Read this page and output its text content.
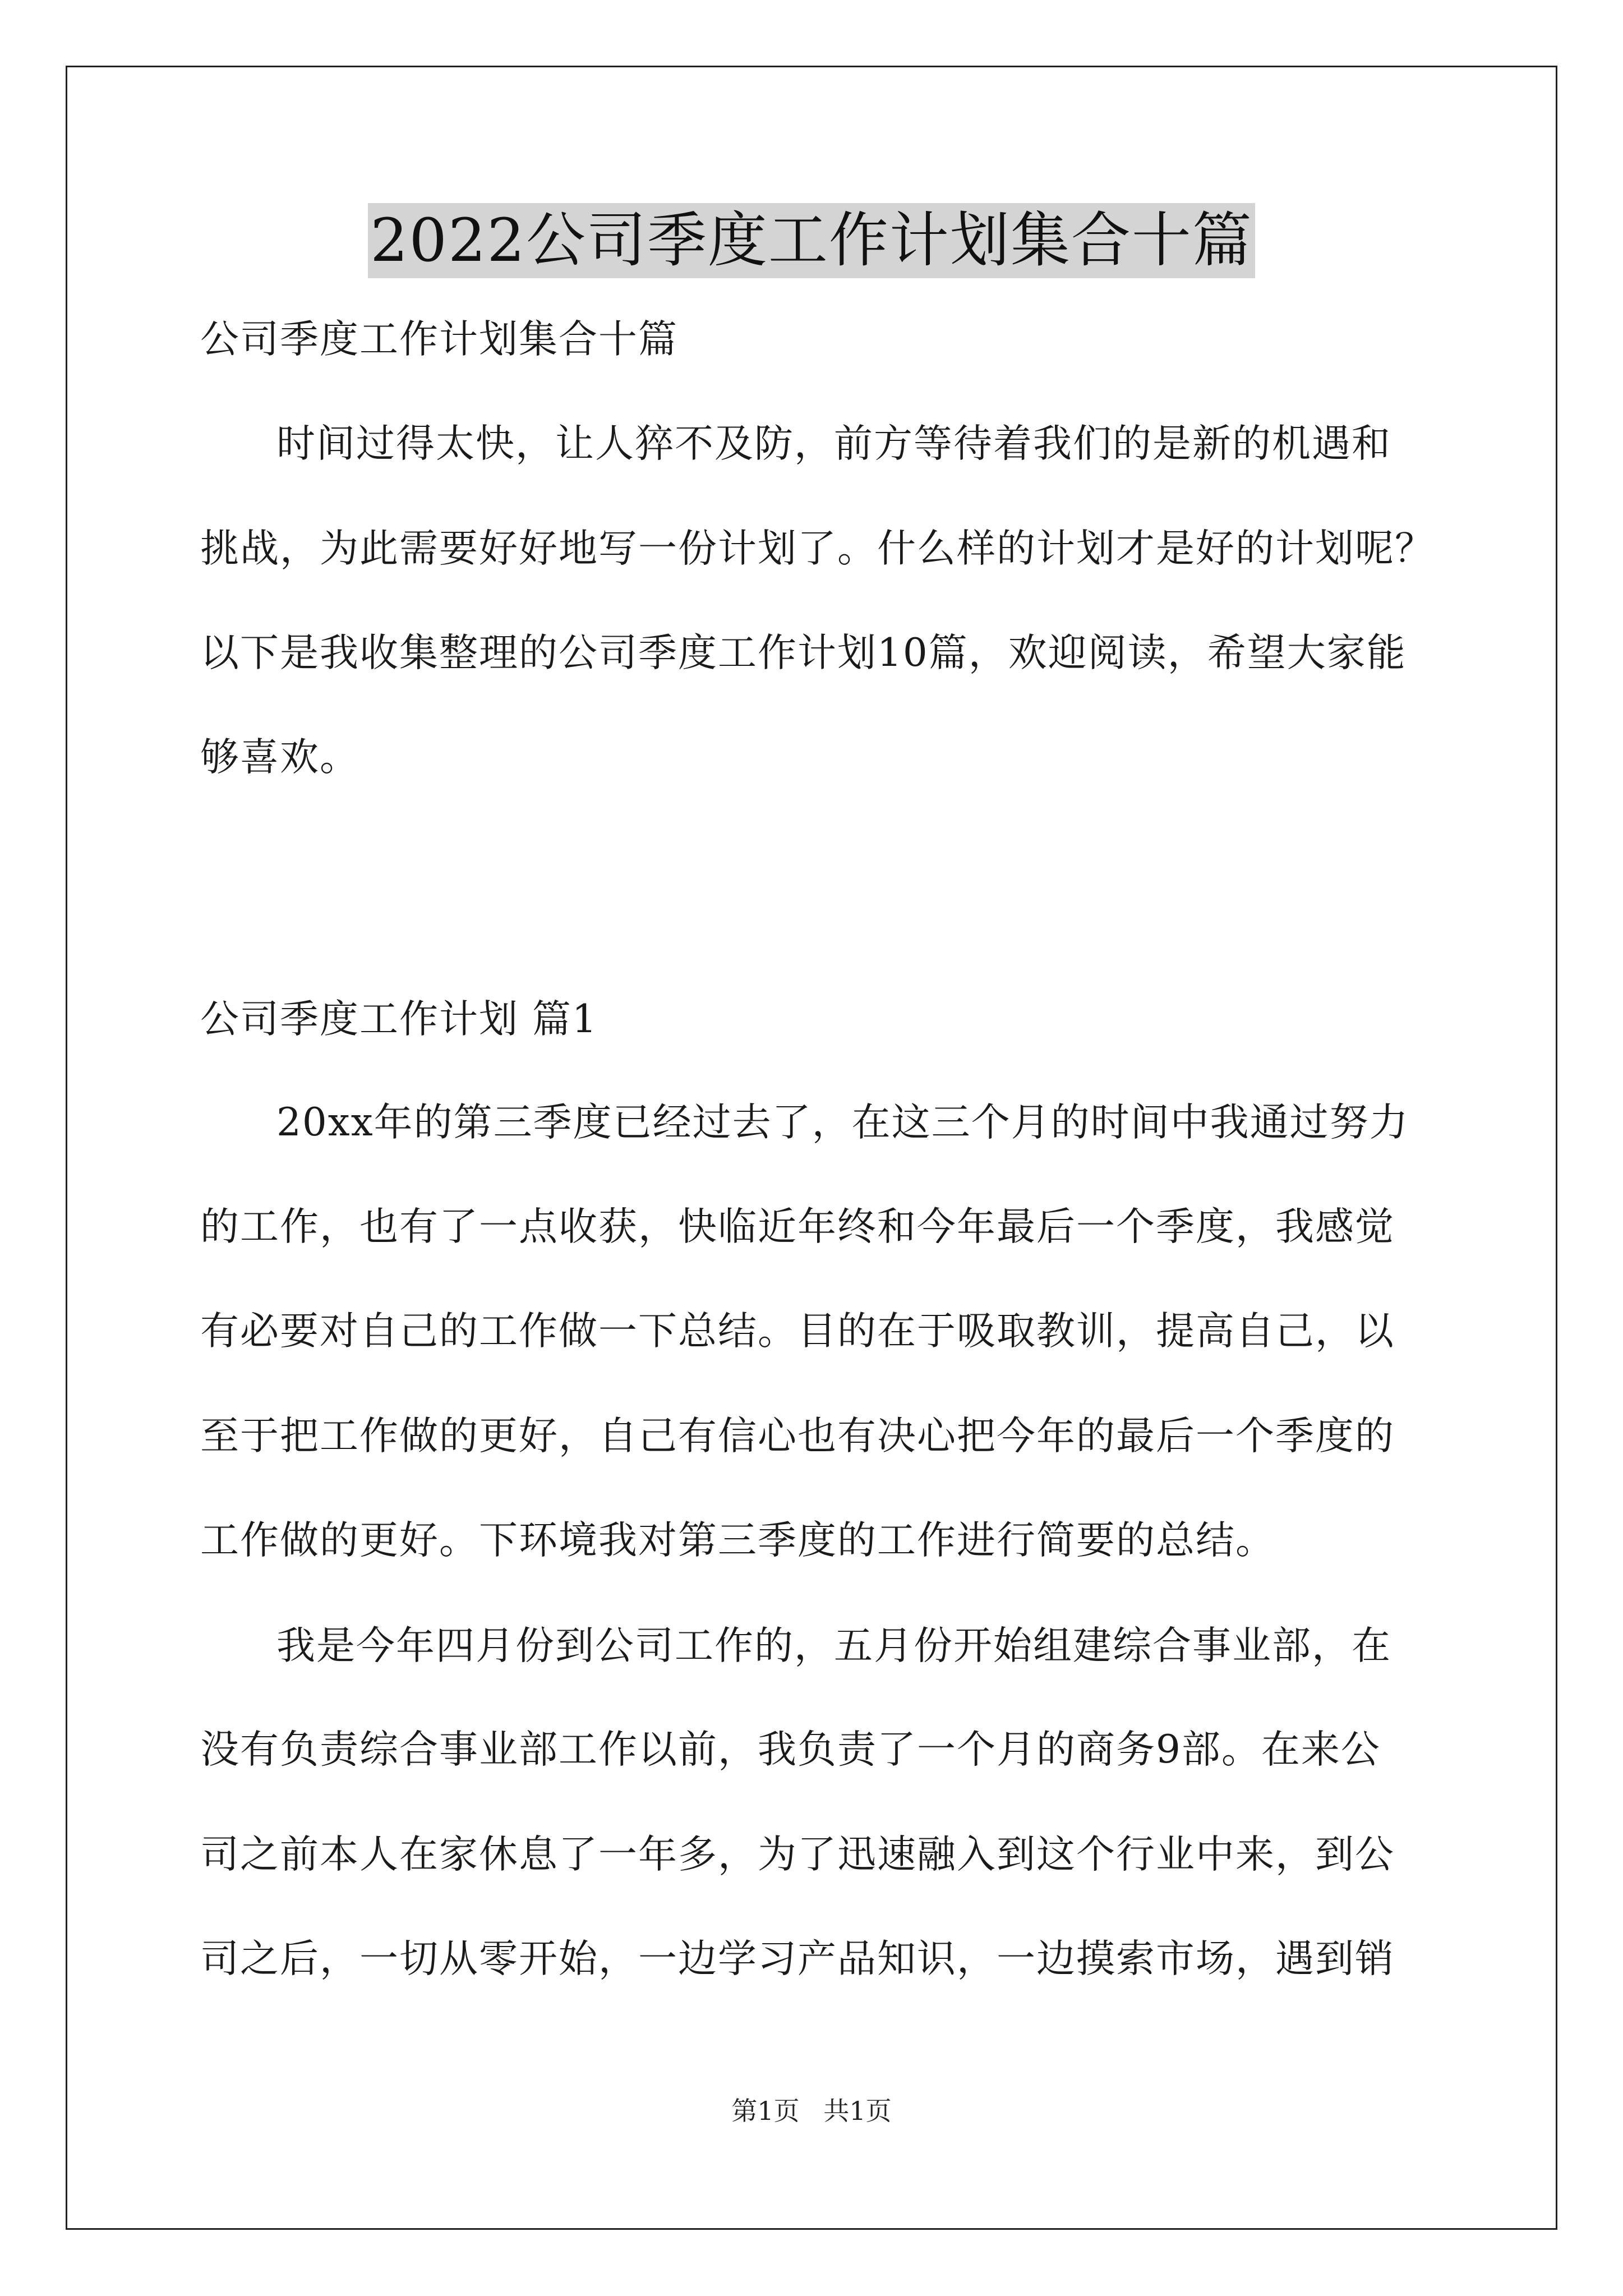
2022公司季度工作计划集合十篇
公司季度工作计划集合十篇
时间过得太快，让人猝不及防，前方等待着我们的是新的机遇和
挑战，为此需要好好地写一份计划了。什么样的计划才是好的计划呢？
以下是我收集整理的公司季度工作计划10篇，欢迎阅读，希望大家能
够喜欢。
公司季度工作计划 篇1
20xx年的第三季度已经过去了，在这三个月的时间中我通过努力
的工作，也有了一点收获，快临近年终和今年最后一个季度，我感觉
有必要对自己的工作做一下总结。目的在于吸取教训，提高自己，以
至于把工作做的更好，自己有信心也有决心把今年的最后一个季度的
工作做的更好。下环境我对第三季度的工作进行简要的总结。
我是今年四月份到公司工作的，五月份开始组建综合事业部，在
没有负责综合事业部工作以前，我负责了一个月的商务9部。在来公
司之前本人在家休息了一年多，为了迅速融入到这个行业中来，到公
司之后，一切从零开始，一边学习产品知识，一边摸索市场，遇到销
第1页 共1页
